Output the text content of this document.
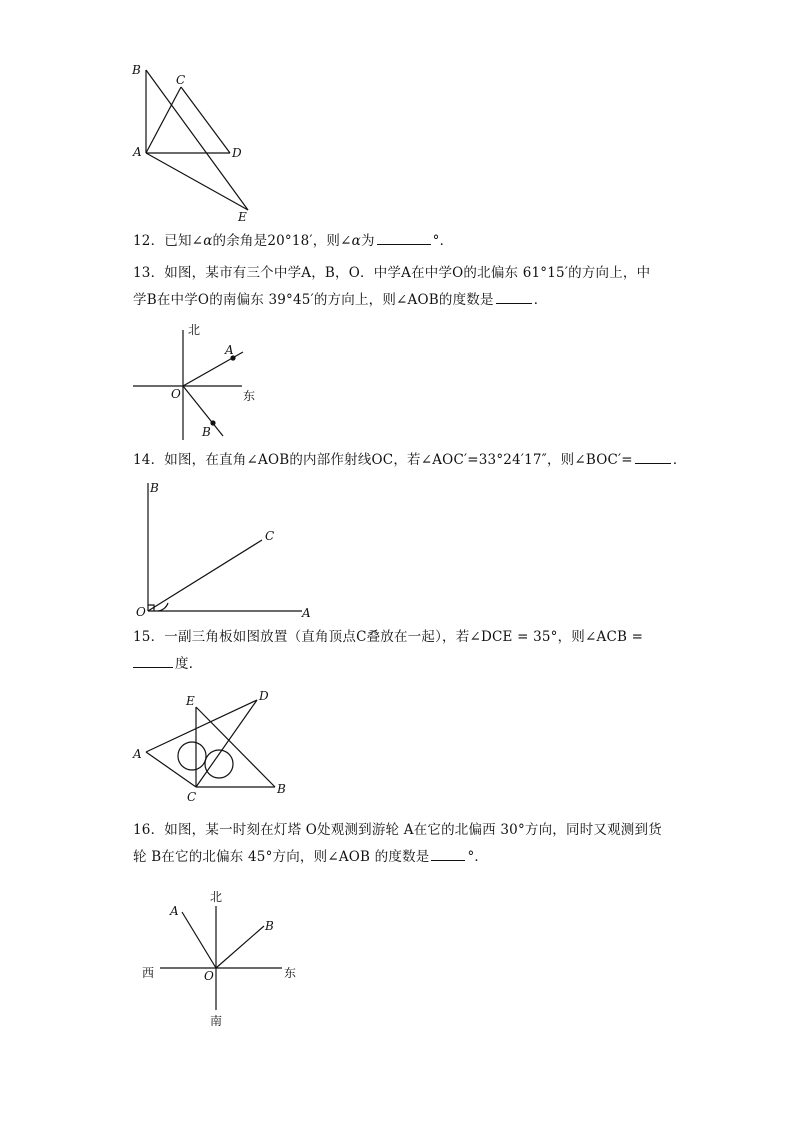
B
C
A	D
E
12．已知∠α的余角是20°18′，则∠α为	°．
13．如图，某市有三个中学A，B，O．中学A在中学O的北偏东 61°15′的方向上，中
学B在中学O的南偏东 39°45′的方向上，则∠AOB的度数是	．
北
A
O	东
B
14．如图，在直角∠AOB的内部作射线OC，若∠AOC′=33°24′17″，则∠BOC′=	．
B
C
O	A
15．一副三角板如图放置（直角顶点C叠放在一起），若∠DCE = 35°，则∠ACB =
度．
E	D
A
C
B
16．如图，某一时刻在灯塔 O处观测到游轮 A在它的北偏西 30°方向，同时又观测到货
轮 B在它的北偏东 45°方向，则∠AOB 的度数是	°．
北
A
B
西	O	东
南
